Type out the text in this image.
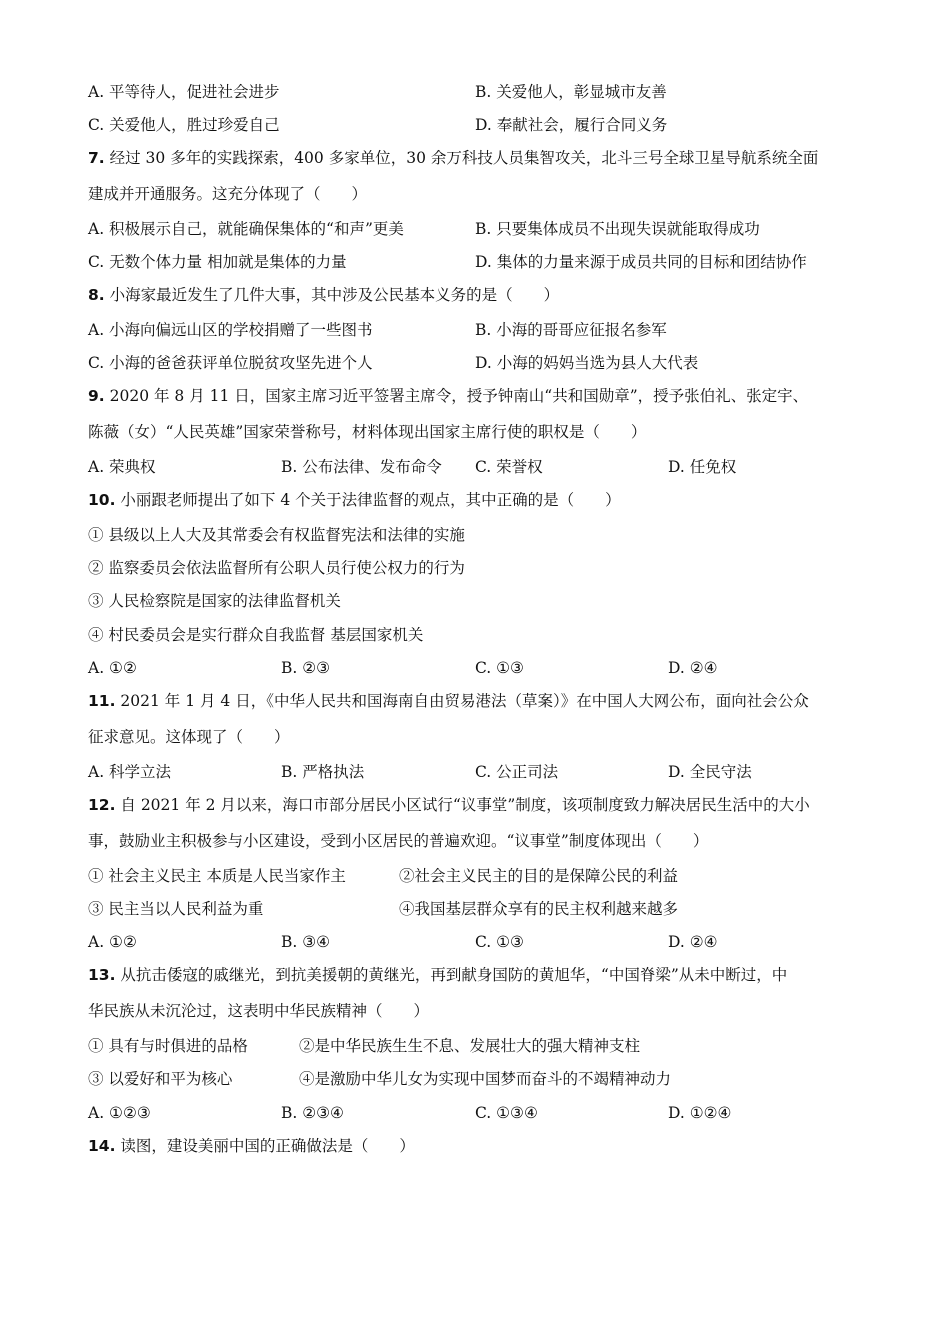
A. 平等待人，促进社会进步	B. 关爱他人，彰显城市友善
C. 关爱他人，胜过珍爱自己	D. 奉献社会，履行合同义务
7. 经过 30 多年的实践探索，400 多家单位，30 余万科技人员集智攻关，北斗三号全球卫星导航系统全面
建成并开通服务。这充分体现了（　　）
A. 积极展示自己，就能确保集体的“和声”更美	B. 只要集体成员不出现失误就能取得成功
C. 无数个体力量 相加就是集体的力量	D. 集体的力量来源于成员共同的目标和团结协作
8. 小海家最近发生了几件大事，其中涉及公民基本义务的是（　　）
A. 小海向偏远山区的学校捐赠了一些图书	B. 小海的哥哥应征报名参军
C. 小海的爸爸获评单位脱贫攻坚先进个人	D. 小海的妈妈当选为县人大代表
9. 2020 年 8 月 11 日，国家主席习近平签署主席令，授予钟南山“共和国勋章”，授予张伯礼、张定宇、
陈薇（女）“人民英雄”国家荣誉称号，材料体现出国家主席行使的职权是（　　）
A. 荣典权	B. 公布法律、发布命令 C. 荣誉权	D. 任免权
10. 小丽跟老师提出了如下 4 个关于法律监督的观点，其中正确的是（　　）
① 县级以上人大及其常委会有权监督宪法和法律的实施
② 监察委员会依法监督所有公职人员行使公权力的行为
③ 人民检察院是国家的法律监督机关
④ 村民委员会是实行群众自我监督 基层国家机关
A. ①②	B. ②③	C. ①③	D. ②④
11. 2021 年 1 月 4 日，《中华人民共和国海南自由贸易港法（草案）》在中国人大网公布，面向社会公众
征求意见。这体现了（　　）
A. 科学立法	B. 严格执法	C. 公正司法	D. 全民守法
12. 自 2021 年 2 月以来，海口市部分居民小区试行“议事堂”制度，该项制度致力解决居民生活中的大小
事，鼓励业主积极参与小区建设，受到小区居民的普遍欢迎。“议事堂”制度体现出（　　）
① 社会主义民主 本质是人民当家作主	②社会主义民主的目的是保障公民的利益
③ 民主当以人民利益为重	④我国基层群众享有的民主权利越来越多
A. ①②	B. ③④	C. ①③	D. ②④
13. 从抗击倭寇的戚继光，到抗美援朝的黄继光，再到献身国防的黄旭华，“中国脊梁”从未中断过，中
华民族从未沉沦过，这表明中华民族精神（　　）
① 具有与时俱进的品格	②是中华民族生生不息、发展壮大的强大精神支柱
③ 以爱好和平为核心	④是激励中华儿女为实现中国梦而奋斗的不竭精神动力
A. ①②③	B. ②③④	C. ①③④	D. ①②④
14. 读图，建设美丽中国的正确做法是（　　）
